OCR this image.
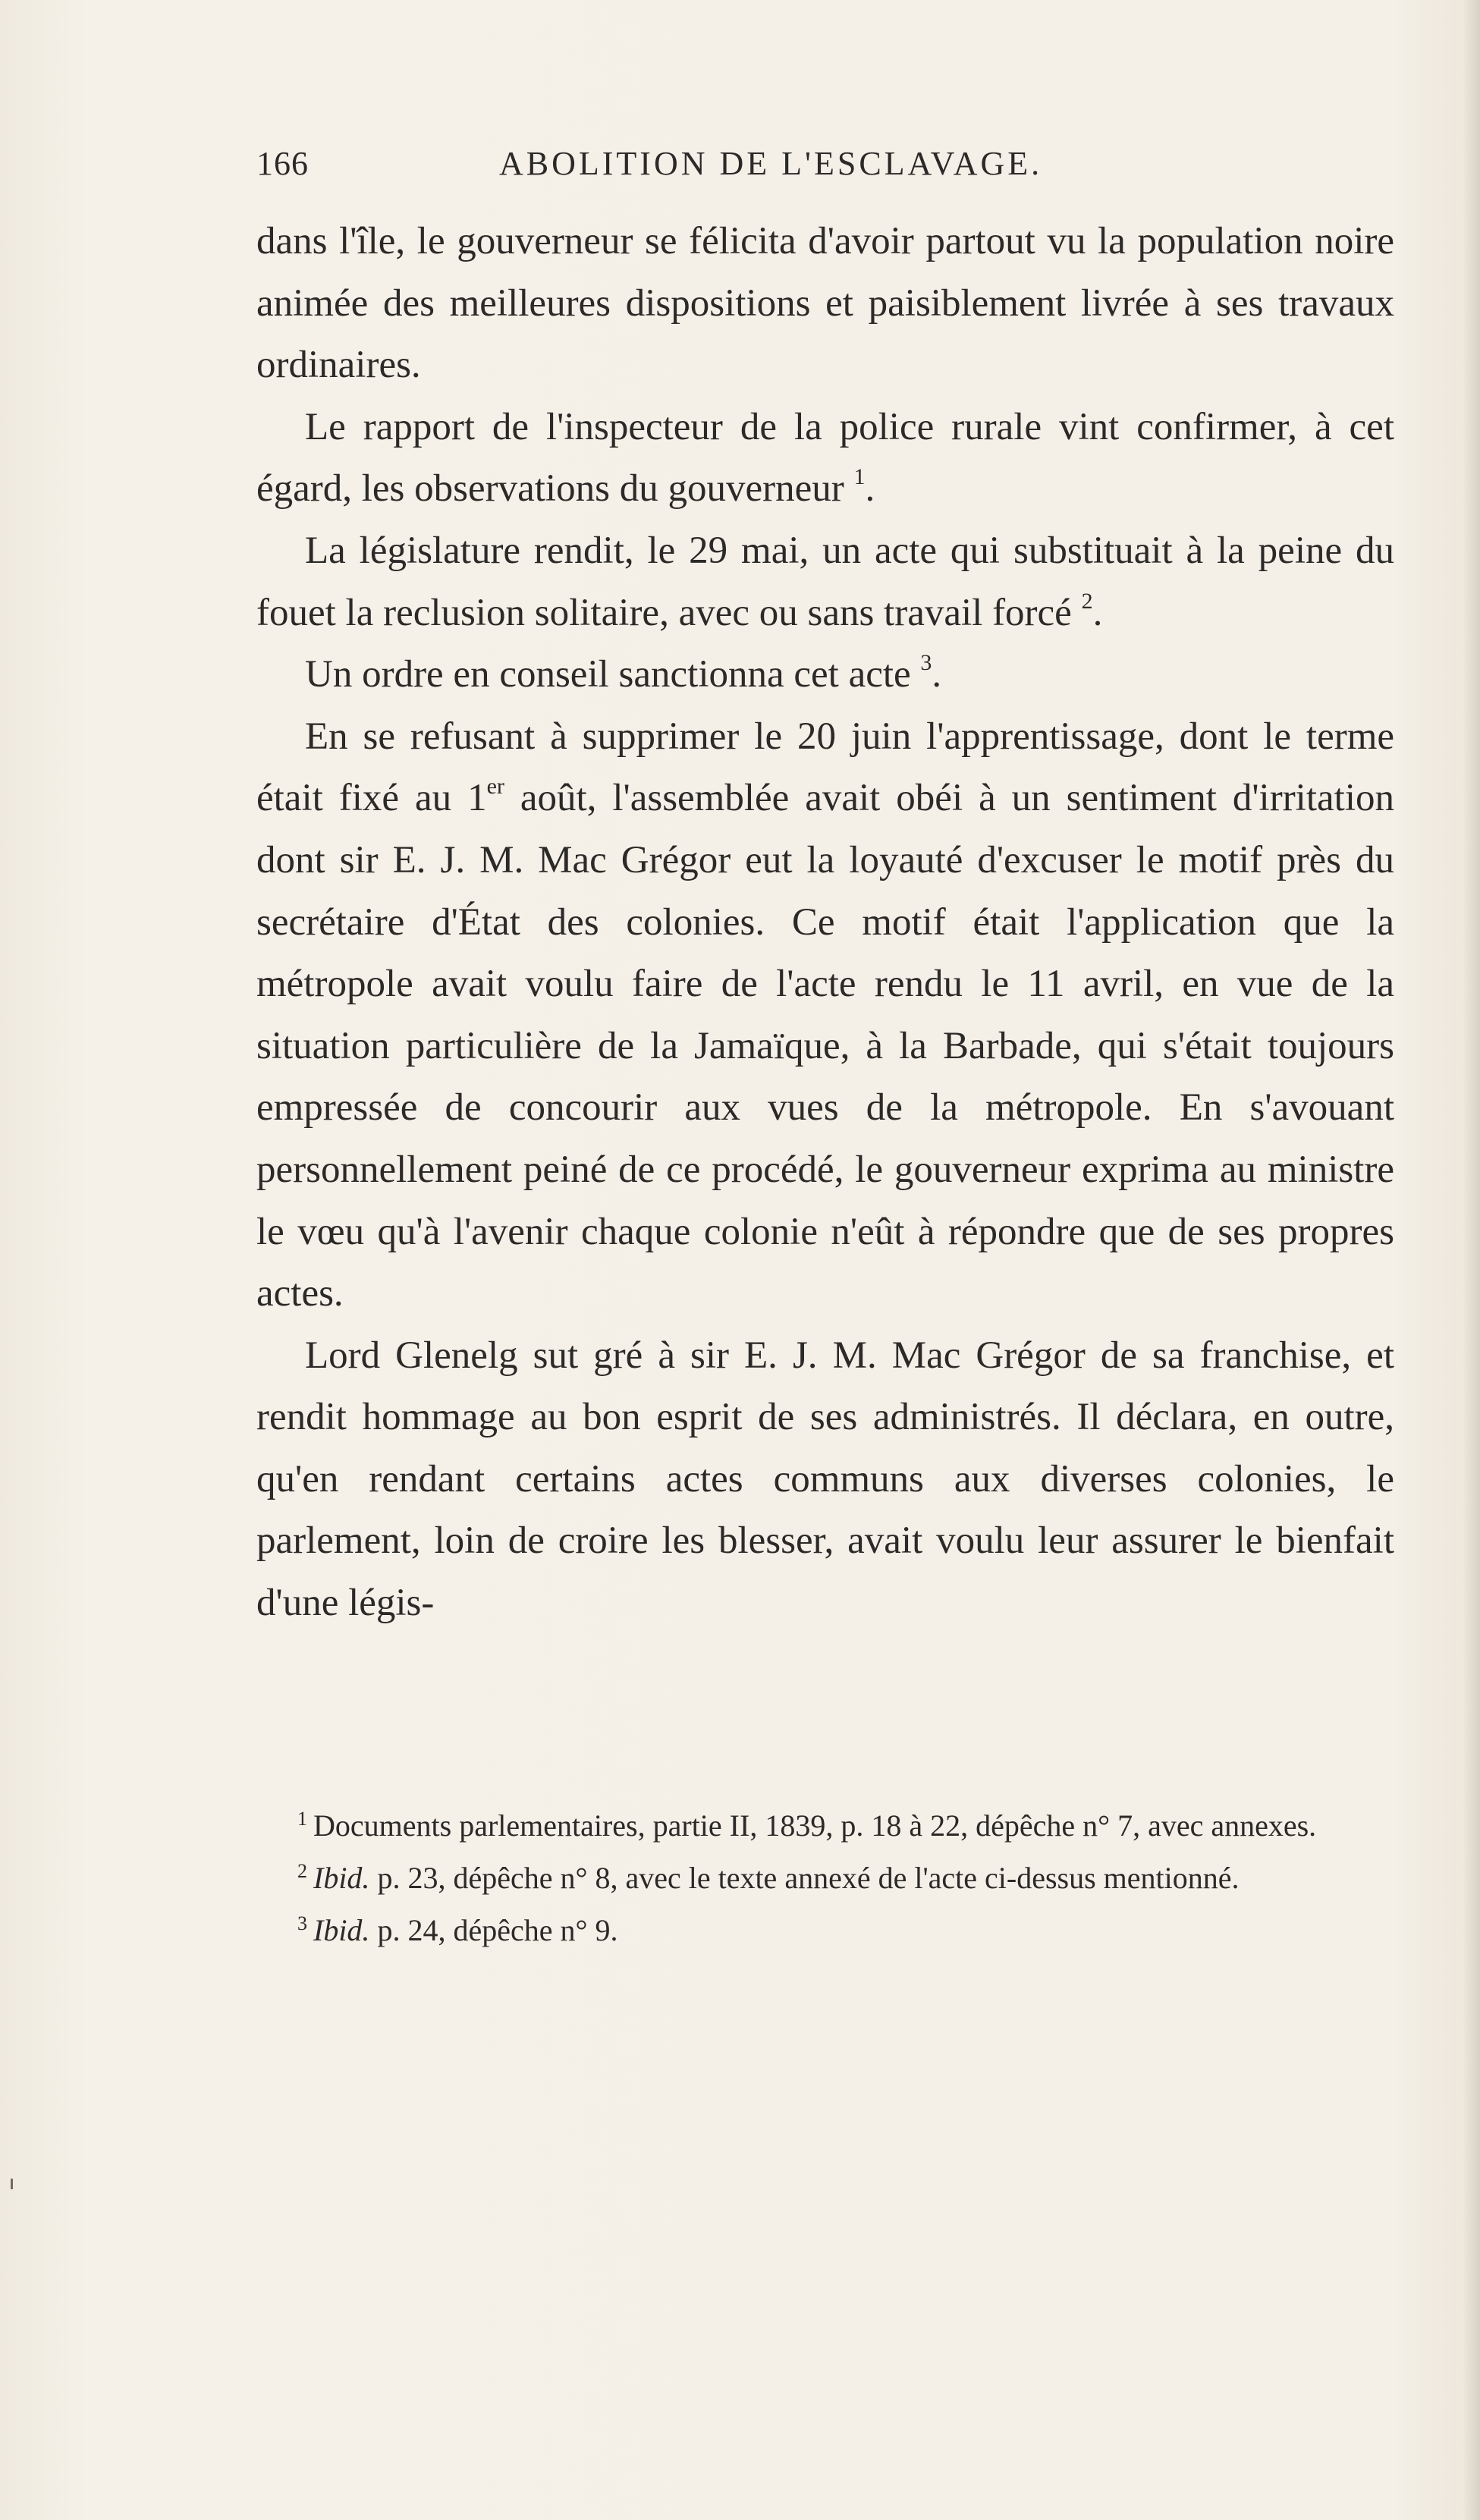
166	ABOLITION DE L'ESCLAVAGE.

dans l'île, le gouverneur se félicita d'avoir partout vu la population noire animée des meilleures dispositions et paisiblement livrée à ses travaux ordinaires.

Le rapport de l'inspecteur de la police rurale vint confirmer, à cet égard, les observations du gouverneur $^1$.

La législature rendit, le 29 mai, un acte qui substituait à la peine du fouet la reclusion solitaire, avec ou sans travail forcé $^2$.

Un ordre en conseil sanctionna cet acte $^3$.

En se refusant à supprimer le 20 juin l'apprentissage, dont le terme était fixé au 1er août, l'assemblée avait obéi à un sentiment d'irritation dont sir E. J. M. Mac Grégor eut la loyauté d'excuser le motif près du secrétaire d'État des colonies. Ce motif était l'application que la métropole avait voulu faire de l'acte rendu le 11 avril, en vue de la situation particulière de la Jamaïque, à la Barbade, qui s'était toujours empressée de concourir aux vues de la métropole. En s'avouant personnellement peiné de ce procédé, le gouverneur exprima au ministre le vœu qu'à l'avenir chaque colonie n'eût à répondre que de ses propres actes.

Lord Glenelg sut gré à sir E. J. M. Mac Grégor de sa franchise, et rendit hommage au bon esprit de ses administrés. Il déclara, en outre, qu'en rendant certains actes communs aux diverses colonies, le parlement, loin de croire les blesser, avait voulu leur assurer le bienfait d'une légis-

$^1$ Documents parlementaires, partie II, 1839, p. 18 à 22, dépêche n° 7, avec annexes.

$^2$ Ibid. p. 23, dépêche n° 8, avec le texte annexé de l'acte ci-dessus mentionné.

$^3$ Ibid. p. 24, dépêche n° 9.
